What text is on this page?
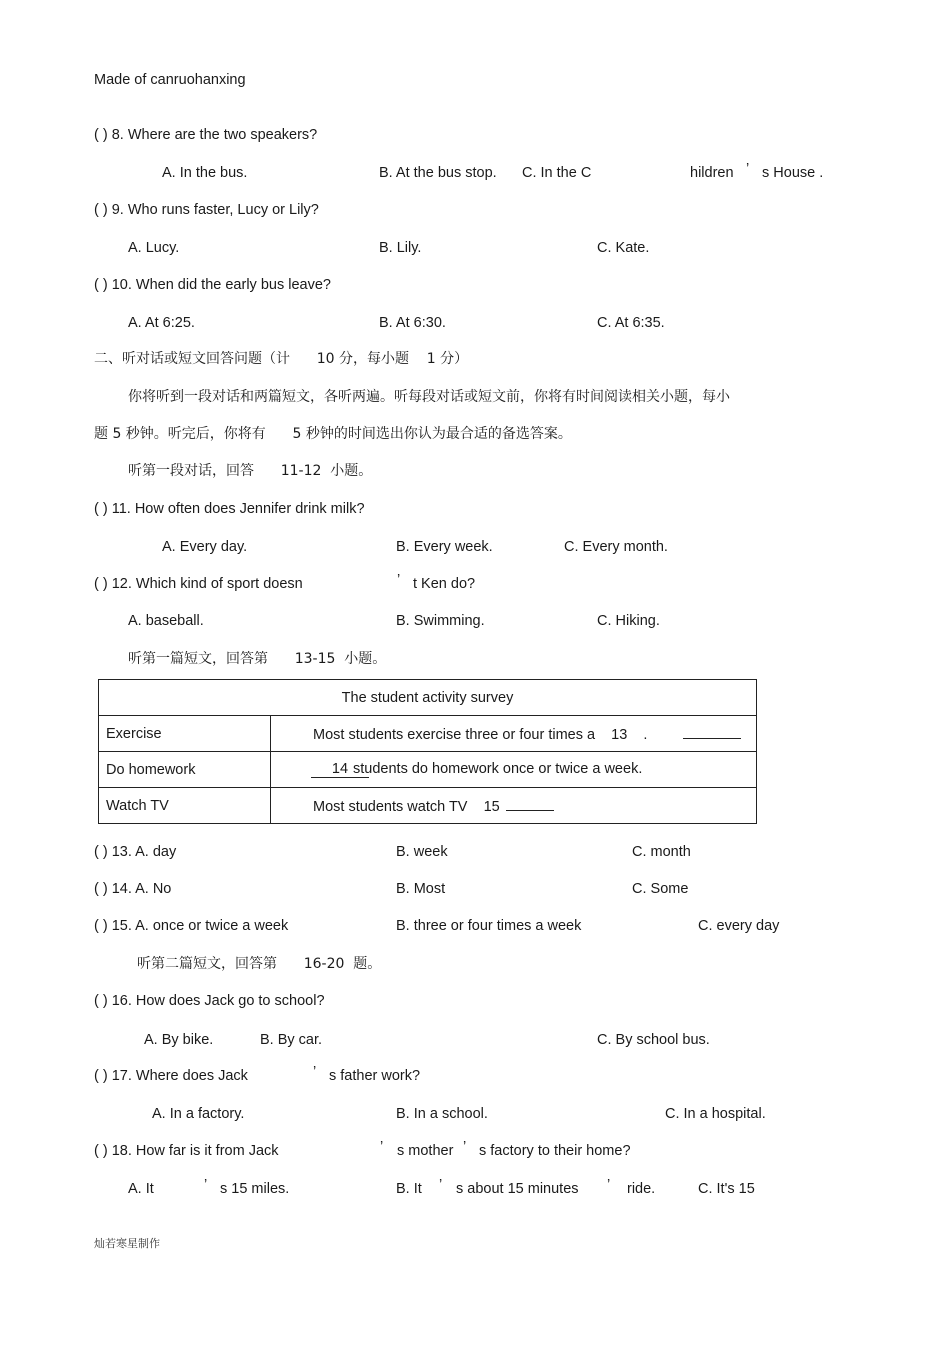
Made of canruohanxing
( ) 8. Where are the two speakers?
A. In the bus.	B. At the bus stop. C. In the C	hildren ’ s House .
( ) 9. Who runs faster, Lucy or Lily?
A. Lucy.	B. Lily.	C. Kate.
( ) 10. When did the early bus leave?
A. At 6:25.	B. At 6:30.	C. At 6:35.
二、听对话或短文回答问题（计      10 分，每小题    1 分）
你将听到一段对话和两篇短文，各听两遍。听每段对话或短文前，你将有时间阅读相关小题，每小
题 5 秒钟。听完后，你将有      5 秒钟的时间选出你认为最合适的备选答案。
听第一段对话，回答      11-12  小题。
( ) 11. How often does Jennifer drink milk?
A. Every day.	B. Every week.	C. Every month.
( ) 12. Which kind of sport doesn	’ t Ken do?
A. baseball.	B. Swimming.	C. Hiking.
听第一篇短文，回答第      13-15  小题。
The student activity survey	
Exercise	Most students exercise three or four times a    13    .
Do homework	14 students do homework once or twice a week.
Watch TV	Most students watch TV    15
( ) 13. A. day	B. week	C. month
( ) 14. A. No	B. Most	C. Some
( ) 15. A. once or twice a week	B. three or four times a week	C. every day
听第二篇短文，回答第      16-20  题。
( ) 16. How does Jack go to school?
A. By bike.	B. By car.	C. By school bus.
( ) 17. Where does Jack	’ s father work?
A. In a factory.	B. In a school.	C. In a hospital.
( ) 18. How far is it from Jack	’ s mother ’ s factory to their home?
A. It	’ s 15 miles.	B. It ’ s about 15 minutes ’ ride.	C. It's 15
灿若寒星制作
